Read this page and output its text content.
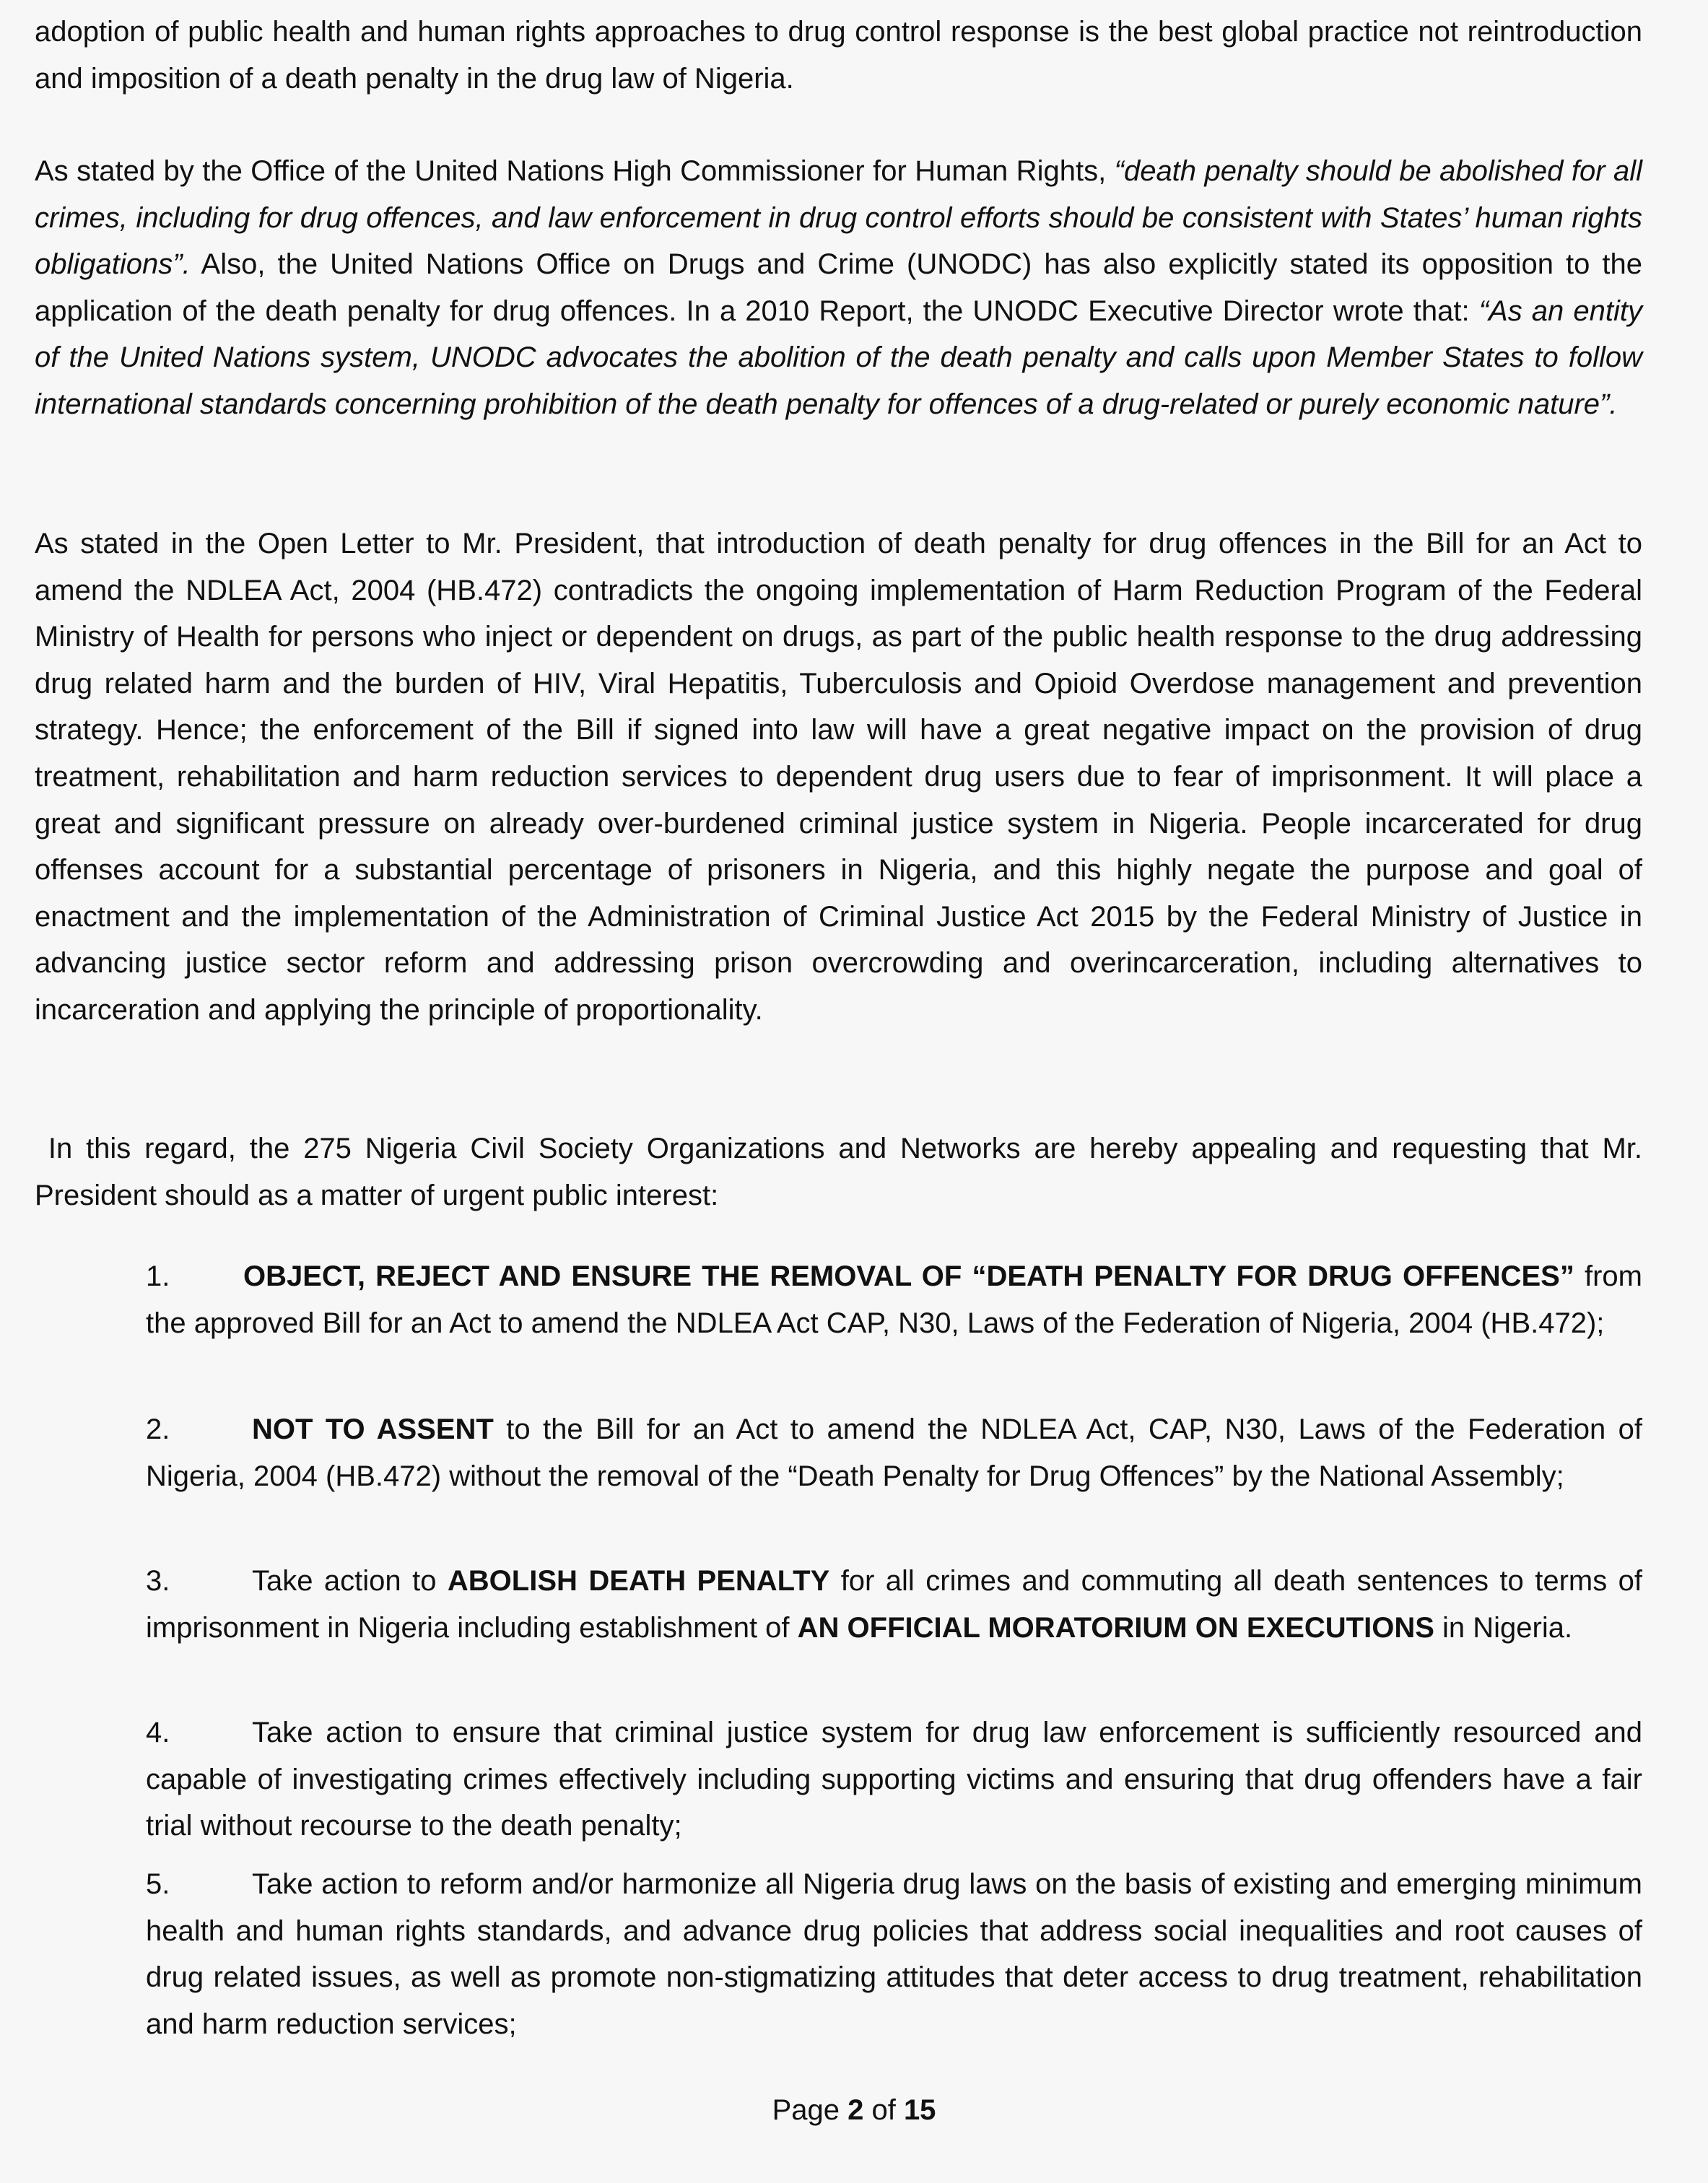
adoption of public health and human rights approaches to drug control response is the best global practice not reintroduction and imposition of a death penalty in the drug law of Nigeria.

As stated by the Office of the United Nations High Commissioner for Human Rights, “death penalty should be abolished for all crimes, including for drug offences, and law enforcement in drug control efforts should be consistent with States’ human rights obligations”. Also, the United Nations Office on Drugs and Crime (UNODC) has also explicitly stated its opposition to the application of the death penalty for drug offences. In a 2010 Report, the UNODC Executive Director wrote that: “As an entity of the United Nations system, UNODC advocates the abolition of the death penalty and calls upon Member States to follow international standards concerning prohibition of the death penalty for offences of a drug-related or purely economic nature”.

As stated in the Open Letter to Mr. President, that introduction of death penalty for drug offences in the Bill for an Act to amend the NDLEA Act, 2004 (HB.472) contradicts the ongoing implementation of Harm Reduction Program of the Federal Ministry of Health for persons who inject or dependent on drugs, as part of the public health response to the drug addressing drug related harm and the burden of HIV, Viral Hepatitis, Tuberculosis and Opioid Overdose management and prevention strategy. Hence; the enforcement of the Bill if signed into law will have a great negative impact on the provision of drug treatment, rehabilitation and harm reduction services to dependent drug users due to fear of imprisonment. It will place a great and significant pressure on already over-burdened criminal justice system in Nigeria. People incarcerated for drug offenses account for a substantial percentage of prisoners in Nigeria, and this highly negate the purpose and goal of enactment and the implementation of the Administration of Criminal Justice Act 2015 by the Federal Ministry of Justice in advancing justice sector reform and addressing prison overcrowding and overincarceration, including alternatives to incarceration and applying the principle of proportionality.

In this regard, the 275 Nigeria Civil Society Organizations and Networks are hereby appealing and requesting that Mr. President should as a matter of urgent public interest:

1.	OBJECT, REJECT AND ENSURE THE REMOVAL OF “DEATH PENALTY FOR DRUG OFFENCES” from the approved Bill for an Act to amend the NDLEA Act CAP, N30, Laws of the Federation of Nigeria, 2004 (HB.472);

2.	NOT TO ASSENT to the Bill for an Act to amend the NDLEA Act, CAP, N30, Laws of the Federation of Nigeria, 2004 (HB.472) without the removal of the “Death Penalty for Drug Offences” by the National Assembly;

3.	Take action to ABOLISH DEATH PENALTY for all crimes and commuting all death sentences to terms of imprisonment in Nigeria including establishment of AN OFFICIAL MORATORIUM ON EXECUTIONS in Nigeria.

4.	Take action to ensure that criminal justice system for drug law enforcement is sufficiently resourced and capable of investigating crimes effectively including supporting victims and ensuring that drug offenders have a fair trial without recourse to the death penalty;

5.	Take action to reform and/or harmonize all Nigeria drug laws on the basis of existing and emerging minimum health and human rights standards, and advance drug policies that address social inequalities and root causes of drug related issues, as well as promote non-stigmatizing attitudes that deter access to drug treatment, rehabilitation and harm reduction services;

Page 2 of 15
